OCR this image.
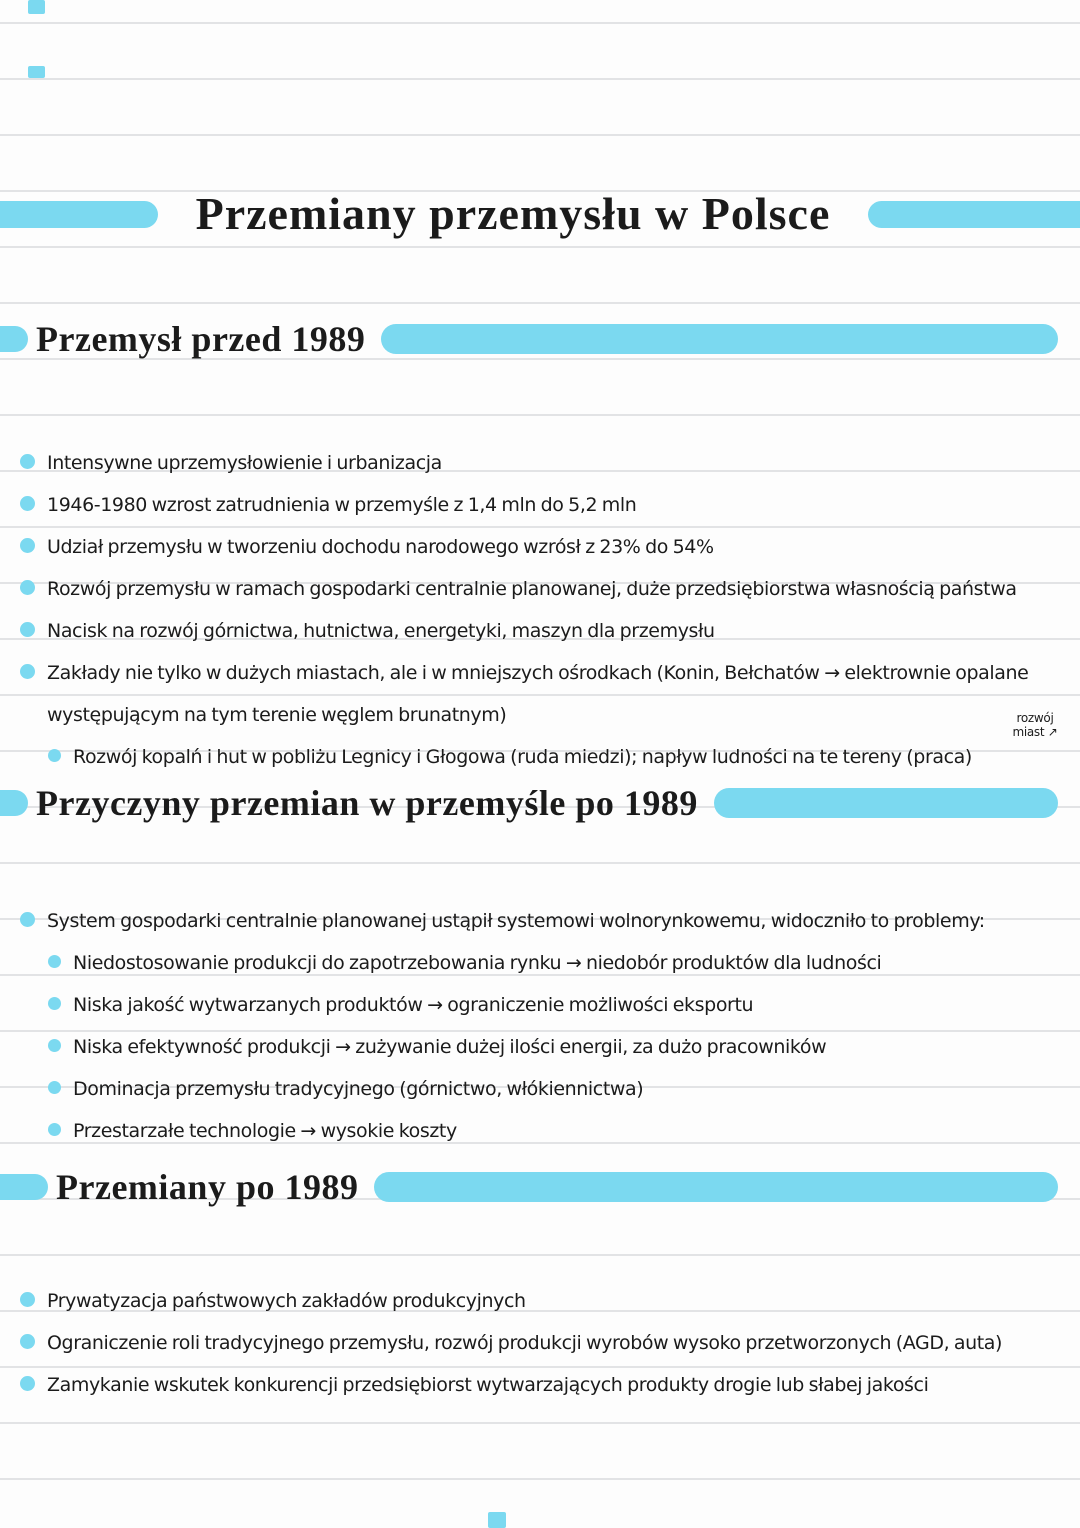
Przemiany przemysłu w Polsce
Przemysł przed 1989
Intensywne uprzemysłowienie i urbanizacja
1946-1980 wzrost zatrudnienia w przemyśle z 1,4 mln do 5,2 mln
Udział przemysłu w tworzeniu dochodu narodowego wzrósł z 23% do 54%
Rozwój przemysłu w ramach gospodarki centralnie planowanej, duże przedsiębiorstwa własnością państwa
Nacisk na rozwój górnictwa, hutnictwa, energetyki, maszyn dla przemysłu
Zakłady nie tylko w dużych miastach, ale i w mniejszych ośrodkach (Konin, Bełchatów → elektrownie opalane występującym na tym terenie węglem brunatnym)
Rozwój kopalń i hut w pobliżu Legnicy i Głogowa (ruda miedzi); napływ ludności na te tereny (praca)
rozwój miast ↗
Przyczyny przemian w przemyśle po 1989
System gospodarki centralnie planowanej ustąpił systemowi wolnorynkowemu, widoczniło to problemy:
Niedostosowanie produkcji do zapotrzebowania rynku → niedobór produktów dla ludności
Niska jakość wytwarzanych produktów → ograniczenie możliwości eksportu
Niska efektywność produkcji → zużywanie dużej ilości energii, za dużo pracowników
Dominacja przemysłu tradycyjnego (górnictwo, włókiennictwa)
Przestarzałe technologie → wysokie koszty
Przemiany po 1989
Prywatyzacja państwowych zakładów produkcyjnych
Ograniczenie roli tradycyjnego przemysłu, rozwój produkcji wyrobów wysoko przetworzonych (AGD, auta)
Zamykanie wskutek konkurencji przedsiębiorst wytwarzających produkty drogie lub słabej jakości
